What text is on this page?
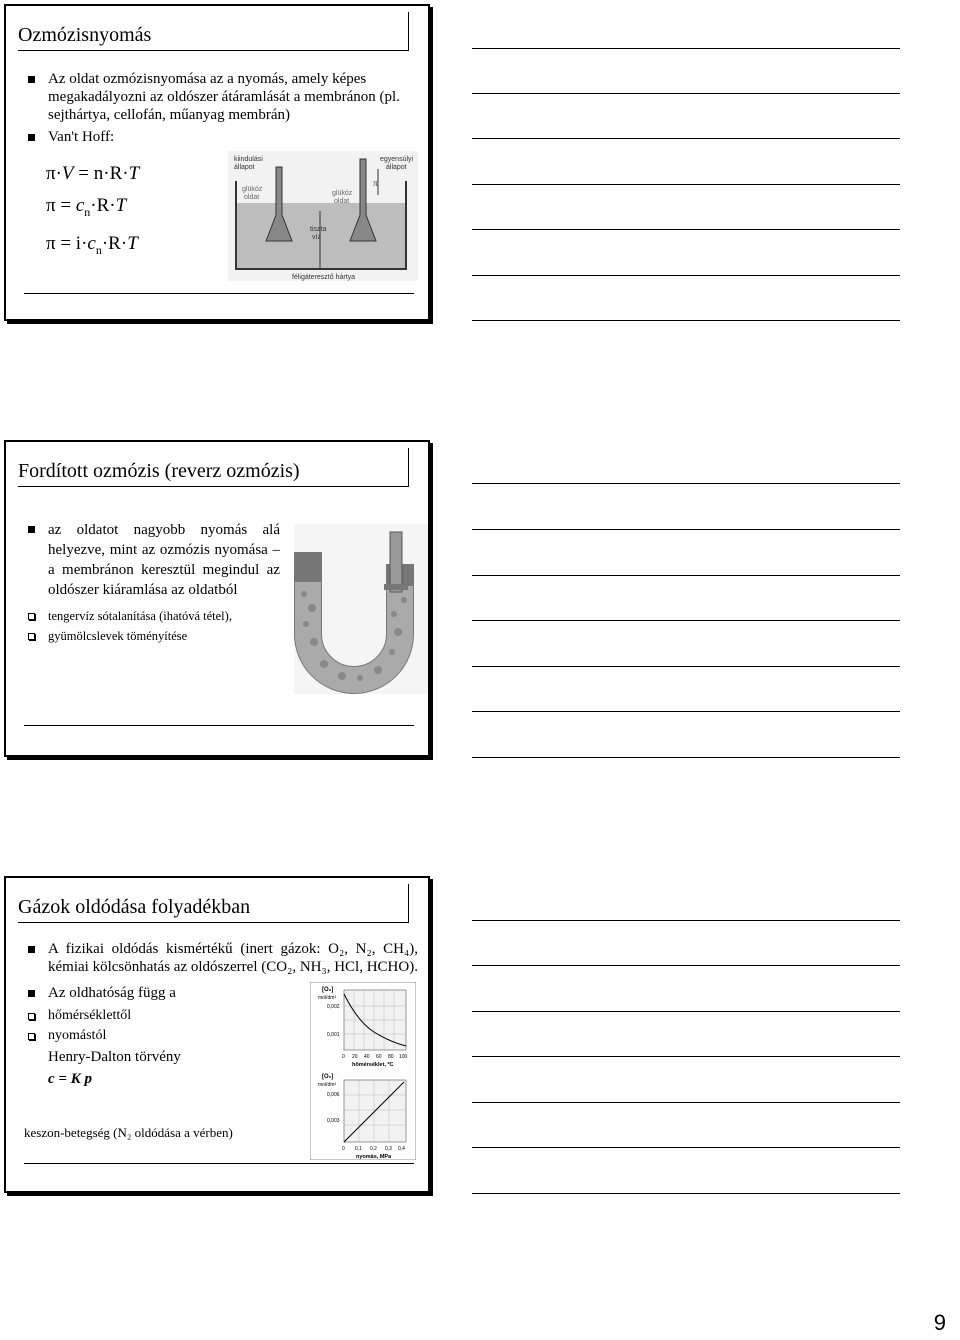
Ozmózisnyomás
Az oldat ozmózisnyomása az a nyomás, amely képes megakadályozni az oldószer átáramlását a membránon (pl. sejthártya, cellofán, műanyag membrán)
Van't Hoff:
π·V = n·R·T
$\pi = c_n\cdot R\cdot T$
$\pi = i\cdot c_n\cdot R\cdot T$
kiindulási
állapot
egyensúlyi
állapot
glükóz
oldat
glükóz
oldat
tiszta
víz
π
féligáteresztő hártya
Fordított ozmózis (reverz ozmózis)
az oldatot nagyobb nyomás alá helyezve, mint az ozmózis nyomása – a membránon keresztül megindul az oldószer kiáramlása az oldatból
tengervíz sótalanítása (ihatóvá tétel),
gyümölcslevek töményítése
Gázok oldódása folyadékban
A fizikai oldódás kismértékű (inert gázok: O₂, N₂, CH₄), kémiai kölcsönhatás az oldószerrel (CO₂, NH₃, HCl, HCHO).
Az oldhatóság függ a
hőmérséklettől
nyomástól
Henry-Dalton törvény
c = K p
keszon-betegség (N₂ oldódása a vérben)
[O₂]
mol/dm³
0,002
0,001
0 20 40 60 80 100
hőmérséklet, ºC
[O₂]
mol/dm³
0,006
0,003
0 0,1 0,2 0,3 0,4
nyomás, MPa
9
